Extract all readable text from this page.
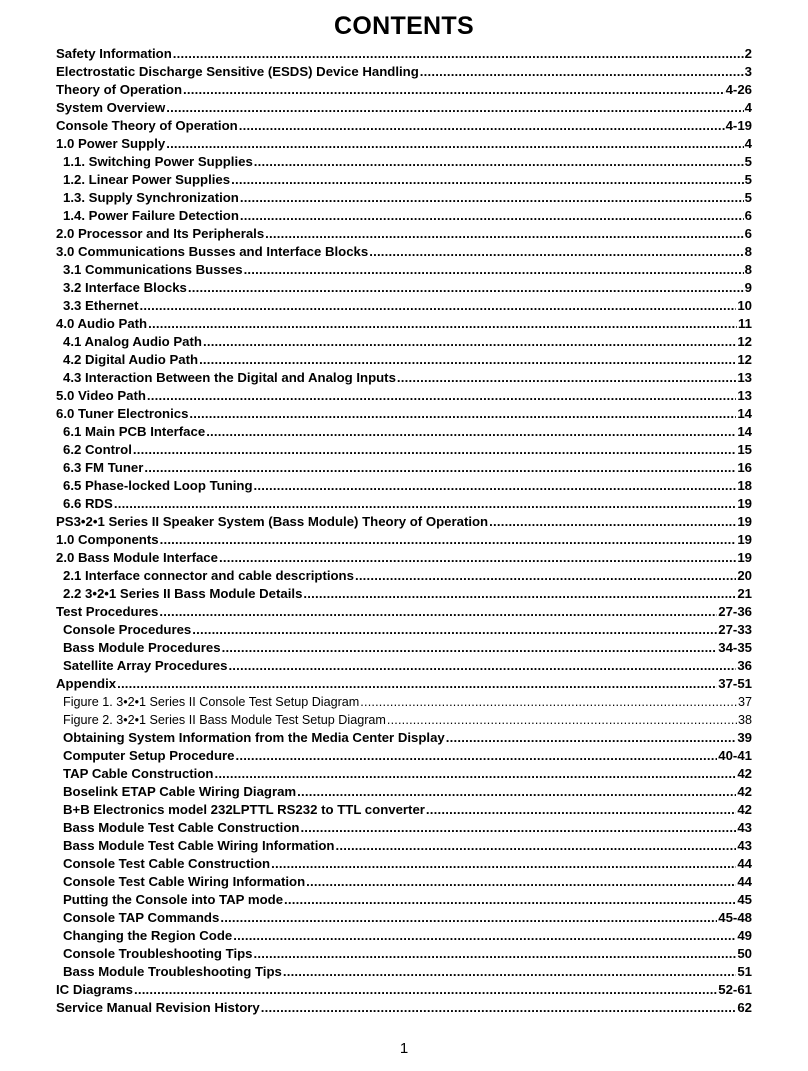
CONTENTS
Safety Information .....	2
Electrostatic Discharge Sensitive (ESDS) Device Handling .....	3
Theory of Operation .....	4-26
System Overview .....	4
Console Theory of Operation .....	4-19
1.0 Power Supply .....	4
1.1. Switching Power Supplies .....	5
1.2. Linear Power Supplies .....	5
1.3. Supply Synchronization .....	5
1.4. Power Failure Detection .....	6
2.0 Processor and Its Peripherals .....	6
3.0 Communications Busses and Interface Blocks .....	8
3.1 Communications Busses .....	8
3.2 Interface Blocks .....	9
3.3 Ethernet .....	10
4.0 Audio Path .....	11
4.1 Analog Audio Path .....	12
4.2 Digital Audio Path .....	12
4.3 Interaction Between the Digital and Analog Inputs .....	13
5.0 Video Path .....	13
6.0 Tuner Electronics .....	14
6.1 Main PCB Interface .....	14
6.2 Control .....	15
6.3 FM Tuner .....	16
6.5 Phase-locked Loop Tuning .....	18
6.6 RDS .....	19
PS3•2•1 Series II Speaker System (Bass Module) Theory of Operation .....	19
1.0 Components .....	19
2.0 Bass Module Interface .....	19
2.1 Interface connector and cable descriptions .....	20
2.2 3•2•1 Series II Bass Module Details .....	21
Test Procedures .....	27-36
Console Procedures .....	27-33
Bass Module Procedures .....	34-35
Satellite Array Procedures .....	36
Appendix .....	37-51
Figure 1. 3•2•1 Series II Console Test Setup Diagram .....	37
Figure 2. 3•2•1 Series II Bass Module Test Setup Diagram .....	38
Obtaining System Information from the Media Center Display .....	39
Computer Setup Procedure .....	40-41
TAP Cable Construction .....	42
Boselink ETAP Cable Wiring Diagram .....	42
B+B Electronics model 232LPTTL RS232 to TTL converter .....	42
Bass Module Test Cable Construction .....	43
Bass Module Test Cable Wiring Information .....	43
Console Test Cable Construction .....	44
Console Test Cable Wiring Information .....	44
Putting the Console into TAP mode .....	45
Console TAP Commands .....	45-48
Changing the Region Code .....	49
Console Troubleshooting Tips .....	50
Bass Module Troubleshooting Tips .....	51
IC Diagrams .....	52-61
Service Manual Revision History .....	62
1
